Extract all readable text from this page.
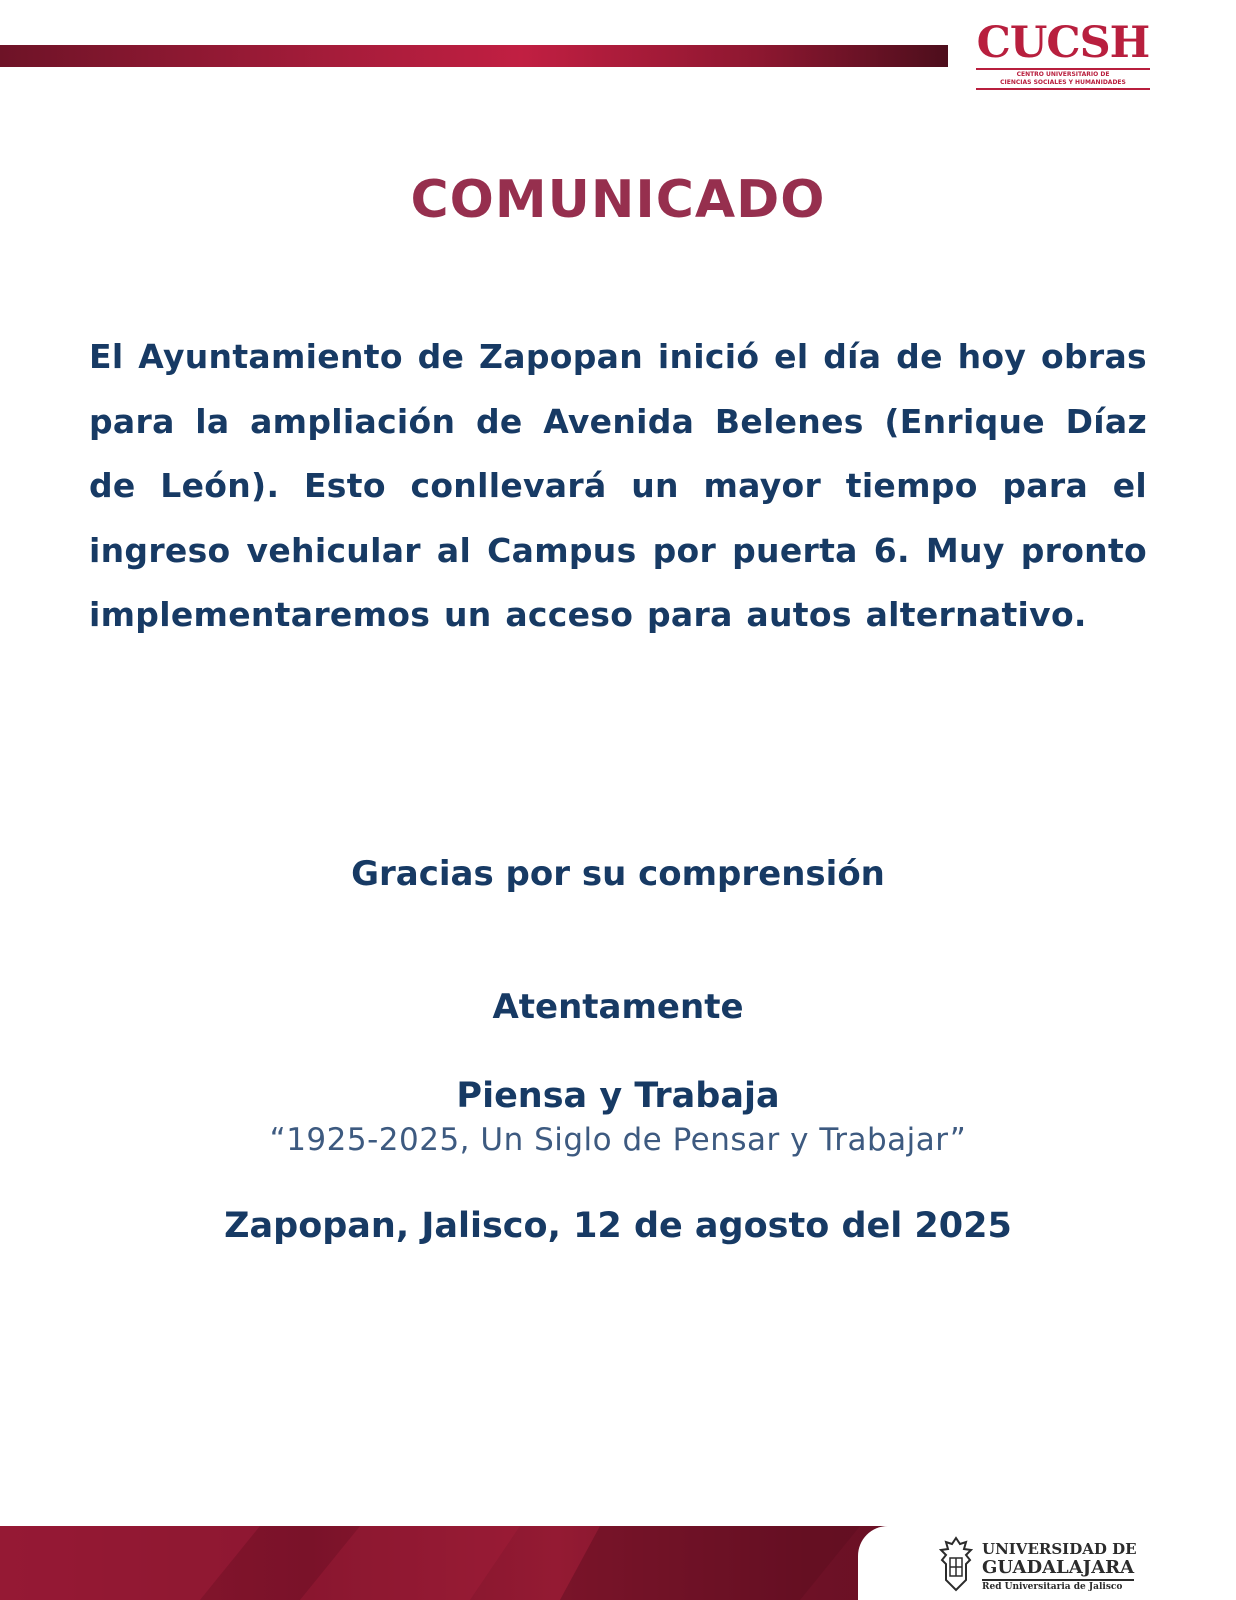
CUCSH
CENTRO UNIVERSITARIO DE
CIENCIAS SOCIALES Y HUMANIDADES
COMUNICADO
El Ayuntamiento de Zapopan inició el día de hoy obras para la ampliación de Avenida Belenes (Enrique Díaz de León). Esto conllevará un mayor tiempo para el ingreso vehicular al Campus por puerta 6. Muy pronto implementaremos un acceso para autos alternativo.
Gracias por su comprensión
Atentamente
Piensa y Trabaja
“1925-2025, Un Siglo de Pensar y Trabajar”
Zapopan, Jalisco, 12 de agosto del 2025
UNIVERSIDAD DE
GUADALAJARA
Red Universitaria de Jalisco
